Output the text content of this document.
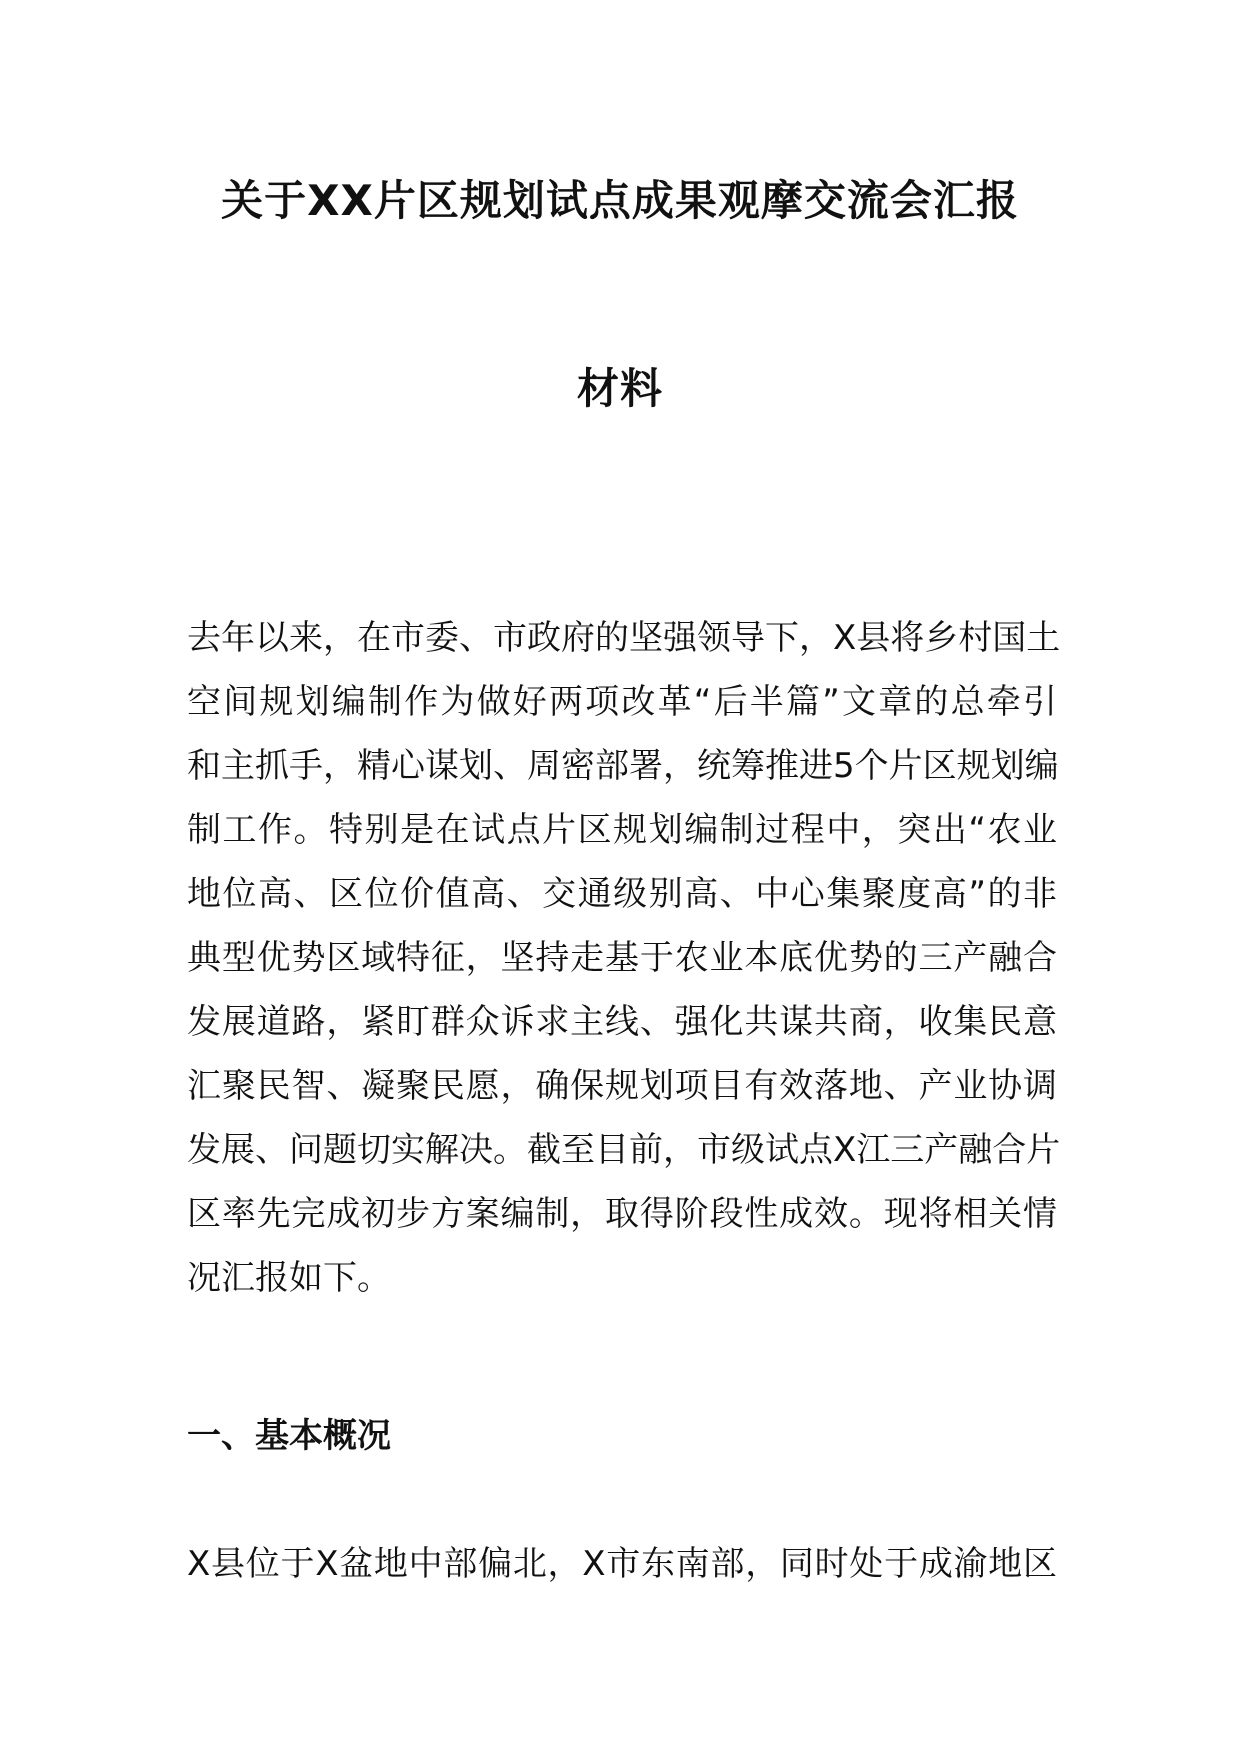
关于XX片区规划试点成果观摩交流会汇报
材料

去年以来，在市委、市政府的坚强领导下，X县将乡村国土
空间规划编制作为做好两项改革“后半篇”文章的总牵引
和主抓手，精心谋划、周密部署，统筹推进5个片区规划编
制工作。特别是在试点片区规划编制过程中，突出“农业
地位高、区位价值高、交通级别高、中心集聚度高”的非
典型优势区域特征，坚持走基于农业本底优势的三产融合
发展道路，紧盯群众诉求主线、强化共谋共商，收集民意
汇聚民智、凝聚民愿，确保规划项目有效落地、产业协调
发展、问题切实解决。截至目前，市级试点X江三产融合片
区率先完成初步方案编制，取得阶段性成效。现将相关情
况汇报如下。

一、基本概况

X县位于X盆地中部偏北，X市东南部，同时处于成渝地区
